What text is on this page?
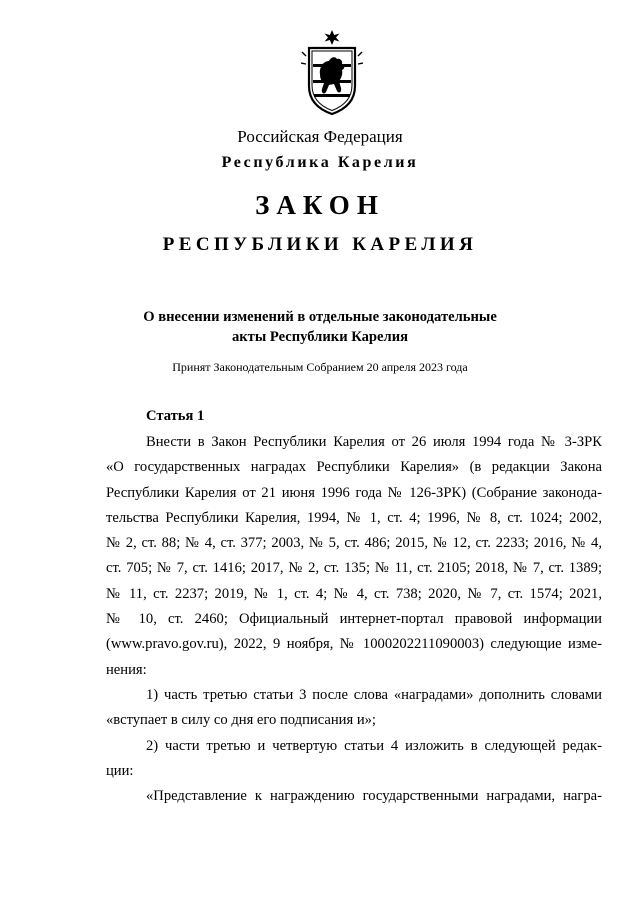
Российская Федерация
Республика Карелия
ЗАКОН
РЕСПУБЛИКИ КАРЕЛИЯ
О внесении изменений в отдельные законодательные
акты Республики Карелия
Принят Законодательным Собранием 20 апреля 2023 года
Статья 1
Внести в Закон Республики Карелия от 26 июля 1994 года № 3-ЗРК
«О государственных наградах Республики Карелия» (в редакции Закона
Республики Карелия от 21 июня 1996 года № 126-ЗРК) (Собрание законода-
тельства Республики Карелия, 1994, № 1, ст. 4; 1996, № 8, ст. 1024; 2002,
№ 2, ст. 88; № 4, ст. 377; 2003, № 5, ст. 486; 2015, № 12, ст. 2233; 2016, № 4,
ст. 705; № 7, ст. 1416; 2017, № 2, ст. 135; № 11, ст. 2105; 2018, № 7, ст. 1389;
№ 11, ст. 2237; 2019, № 1, ст. 4; № 4, ст. 738; 2020, № 7, ст. 1574; 2021,
№ 10, ст. 2460; Официальный интернет-портал правовой информации
(www.pravo.gov.ru), 2022, 9 ноября, № 1000202211090003) следующие изме-
нения:
1) часть третью статьи 3 после слова «наградами» дополнить словами
«вступает в силу со дня его подписания и»;
2) части третью и четвертую статьи 4 изложить в следующей редак-
ции:
«Представление к награждению государственными наградами, награ-
